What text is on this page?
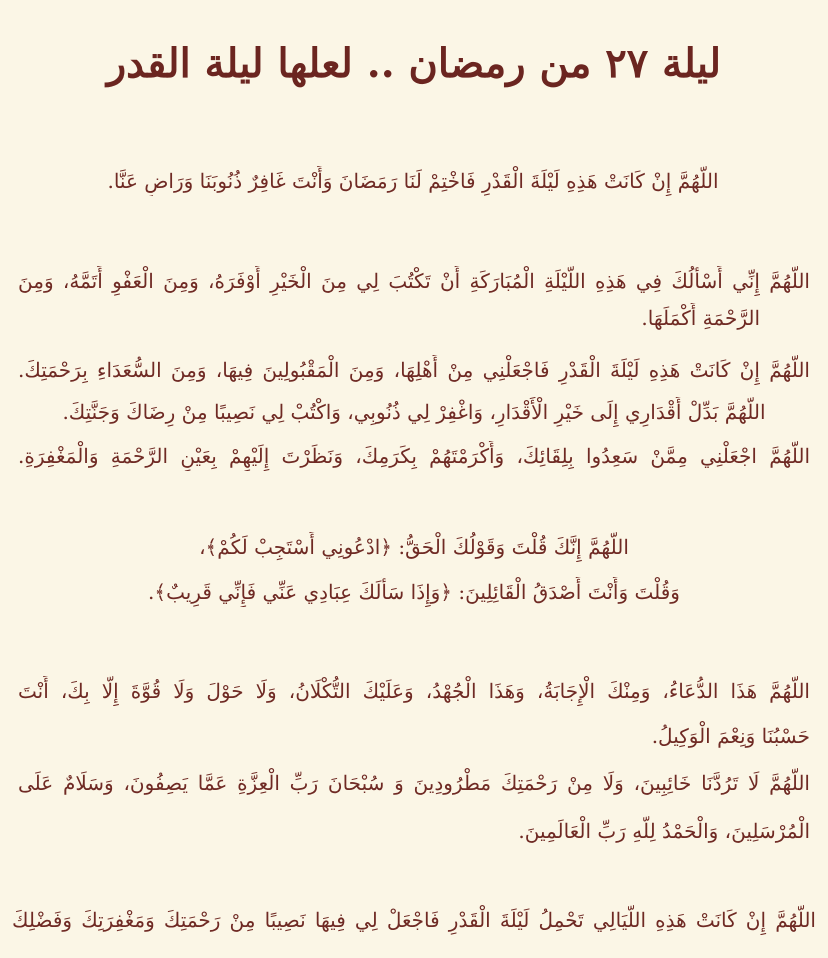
ليلة ٢٧ من رمضان .. لعلها ليلة القدر
اللَّهُمَّ إِنْ كَانَتْ هَذِهِ لَيْلَةَ الْقَدْرِ فَاخْتِمْ لَنَا رَمَضَانَ وَأَنْتَ غَافِرٌ ذُنُوبَنَا وَرَاضٍ عَنَّا.
اللَّهُمَّ إِنِّي أَسْأَلُكَ فِي هَذِهِ اللَّيْلَةِ الْمُبَارَكَةِ أَنْ تَكْتُبَ لِي مِنَ الْخَيْرِ أَوْفَرَهُ، وَمِنَ الْعَفْوِ أَتَمَّهُ، وَمِنَ
الرَّحْمَةِ أَكْمَلَهَا.
اللَّهُمَّ إِنْ كَانَتْ هَذِهِ لَيْلَةَ الْقَدْرِ فَاجْعَلْنِي مِنْ أَهْلِهَا، وَمِنَ الْمَقْبُولِينَ فِيهَا، وَمِنَ السُّعَدَاءِ بِرَحْمَتِكَ.
اللَّهُمَّ بَدِّلْ أَقْدَارِي إِلَى خَيْرِ الْأَقْدَارِ، وَاغْفِرْ لِي ذُنُوبِي، وَاكْتُبْ لِي نَصِيبًا مِنْ رِضَاكَ وَجَنَّتِكَ.
اللَّهُمَّ اجْعَلْنِي مِمَّنْ سَعِدُوا بِلِقَائِكَ، وَأَكْرَمْتَهُمْ بِكَرَمِكَ، وَنَظَرْتَ إِلَيْهِمْ بِعَيْنِ الرَّحْمَةِ وَالْمَغْفِرَةِ.
اللَّهُمَّ إِنَّكَ قُلْتَ وَقَوْلُكَ الْحَقُّ: ﴿ادْعُونِي أَسْتَجِبْ لَكُمْ﴾،
وَقُلْتَ وَأَنْتَ أَصْدَقُ الْقَائِلِينَ: ﴿وَإِذَا سَأَلَكَ عِبَادِي عَنِّي فَإِنِّي قَرِيبٌ﴾.
اللَّهُمَّ هَذَا الدُّعَاءُ، وَمِنْكَ الْإِجَابَةُ، وَهَذَا الْجُهْدُ، وَعَلَيْكَ التُّكْلَانُ، وَلَا حَوْلَ وَلَا قُوَّةَ إِلَّا بِكَ، أَنْتَ
حَسْبُنَا وَنِعْمَ الْوَكِيلُ.
اللَّهُمَّ لَا تَرُدَّنَا خَائِبِينَ، وَلَا مِنْ رَحْمَتِكَ مَطْرُودِينَ وَ سُبْحَانَ رَبِّ الْعِزَّةِ عَمَّا يَصِفُونَ، وَسَلَامٌ عَلَى
الْمُرْسَلِينَ، وَالْحَمْدُ لِلَّهِ رَبِّ الْعَالَمِينَ.
اللَّهُمَّ إِنْ كَانَتْ هَذِهِ اللَّيَالِي تَحْمِلُ لَيْلَةَ الْقَدْرِ فَاجْعَلْ لِي فِيهَا نَصِيبًا مِنْ رَحْمَتِكَ وَمَغْفِرَتِكَ وَفَضْلِكَ
